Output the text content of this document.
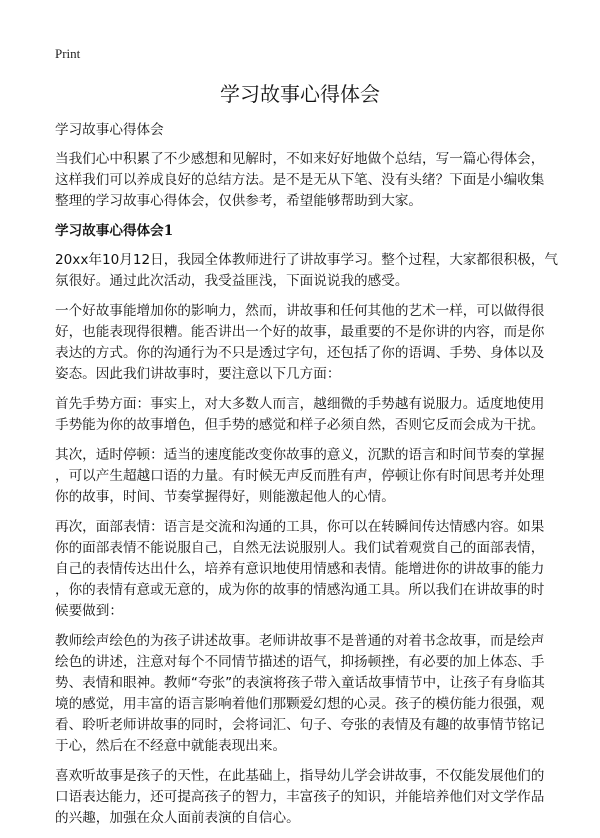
Print
学习故事心得体会
学习故事心得体会
当我们心中积累了不少感想和见解时，不如来好好地做个总结，写一篇心得体会，
这样我们可以养成良好的总结方法。是不是无从下笔、没有头绪？下面是小编收集
整理的学习故事心得体会，仅供参考，希望能够帮助到大家。
学习故事心得体会1
20xx年10月12日，我园全体教师进行了讲故事学习。整个过程，大家都很积极，气
氛很好。通过此次活动，我受益匪浅，下面说说我的感受。
一个好故事能增加你的影响力，然而，讲故事和任何其他的艺术一样，可以做得很
好，也能表现得很糟。能否讲出一个好的故事，最重要的不是你讲的内容，而是你
表达的方式。你的沟通行为不只是透过字句，还包括了你的语调、手势、身体以及
姿态。因此我们讲故事时，要注意以下几方面：
首先手势方面：事实上，对大多数人而言，越细微的手势越有说服力。适度地使用
手势能为你的故事增色，但手势的感觉和样子必须自然，否则它反而会成为干扰。
其次，适时停顿：适当的速度能改变你故事的意义，沉默的语言和时间节奏的掌握
，可以产生超越口语的力量。有时候无声反而胜有声，停顿让你有时间思考并处理
你的故事，时间、节奏掌握得好，则能激起他人的心情。
再次，面部表情：语言是交流和沟通的工具，你可以在转瞬间传达情感内容。如果
你的面部表情不能说服自己，自然无法说服别人。我们试着观赏自己的面部表情，
自己的表情传达出什么，培养有意识地使用情感和表情。能增进你的讲故事的能力
，你的表情有意或无意的，成为你的故事的情感沟通工具。所以我们在讲故事的时
候要做到：
教师绘声绘色的为孩子讲述故事。老师讲故事不是普通的对着书念故事，而是绘声
绘色的讲述，注意对每个不同情节描述的语气，抑扬顿挫，有必要的加上体态、手
势、表情和眼神。教师“夸张”的表演将孩子带入童话故事情节中，让孩子有身临其
境的感觉，用丰富的语言影响着他们那颗爱幻想的心灵。孩子的模仿能力很强，观
看、聆听老师讲故事的同时，会将词汇、句子、夸张的表情及有趣的故事情节铭记
于心，然后在不经意中就能表现出来。
喜欢听故事是孩子的天性，在此基础上，指导幼儿学会讲故事，不仅能发展他们的
口语表达能力，还可提高孩子的智力，丰富孩子的知识，并能培养他们对文学作品
的兴趣，加强在众人面前表演的自信心。
